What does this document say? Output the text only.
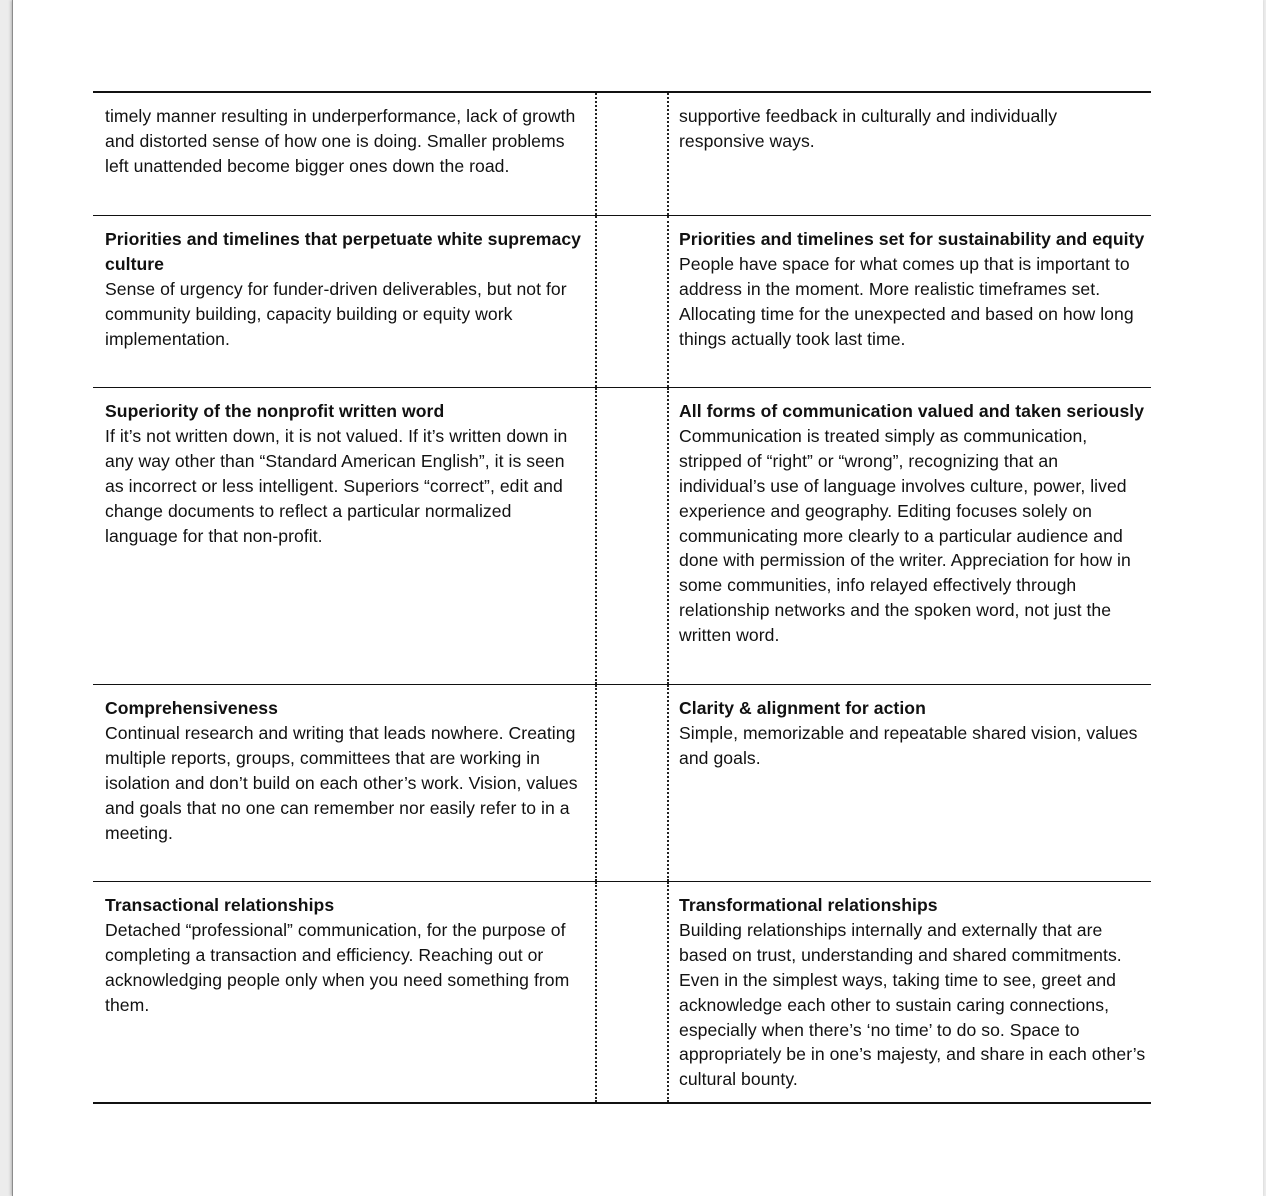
timely manner resulting in underperformance, lack of growth and distorted sense of how one is doing. Smaller problems left unattended become bigger ones down the road.
supportive feedback in culturally and individually responsive ways.
Priorities and timelines that perpetuate white supremacy culture
Sense of urgency for funder-driven deliverables, but not for community building, capacity building or equity work implementation.
Priorities and timelines set for sustainability and equity
People have space for what comes up that is important to address in the moment. More realistic timeframes set. Allocating time for the unexpected and based on how long things actually took last time.
Superiority of the nonprofit written word
If it’s not written down, it is not valued. If it’s written down in any way other than “Standard American English”, it is seen as incorrect or less intelligent. Superiors “correct”, edit and change documents to reflect a particular normalized language for that non-profit.
All forms of communication valued and taken seriously
Communication is treated simply as communication, stripped of “right” or “wrong”, recognizing that an individual’s use of language involves culture, power, lived experience and geography. Editing focuses solely on communicating more clearly to a particular audience and done with permission of the writer. Appreciation for how in some communities, info relayed effectively through relationship networks and the spoken word, not just the written word.
Comprehensiveness
Continual research and writing that leads nowhere. Creating multiple reports, groups, committees that are working in isolation and don’t build on each other’s work. Vision, values and goals that no one can remember nor easily refer to in a meeting.
Clarity & alignment for action
Simple, memorizable and repeatable shared vision, values and goals.
Transactional relationships
Detached “professional” communication, for the purpose of completing a transaction and efficiency. Reaching out or acknowledging people only when you need something from them.
Transformational relationships
Building relationships internally and externally that are based on trust, understanding and shared commitments. Even in the simplest ways, taking time to see, greet and acknowledge each other to sustain caring connections, especially when there’s ‘no time’ to do so. Space to appropriately be in one’s majesty, and share in each other’s cultural bounty.
